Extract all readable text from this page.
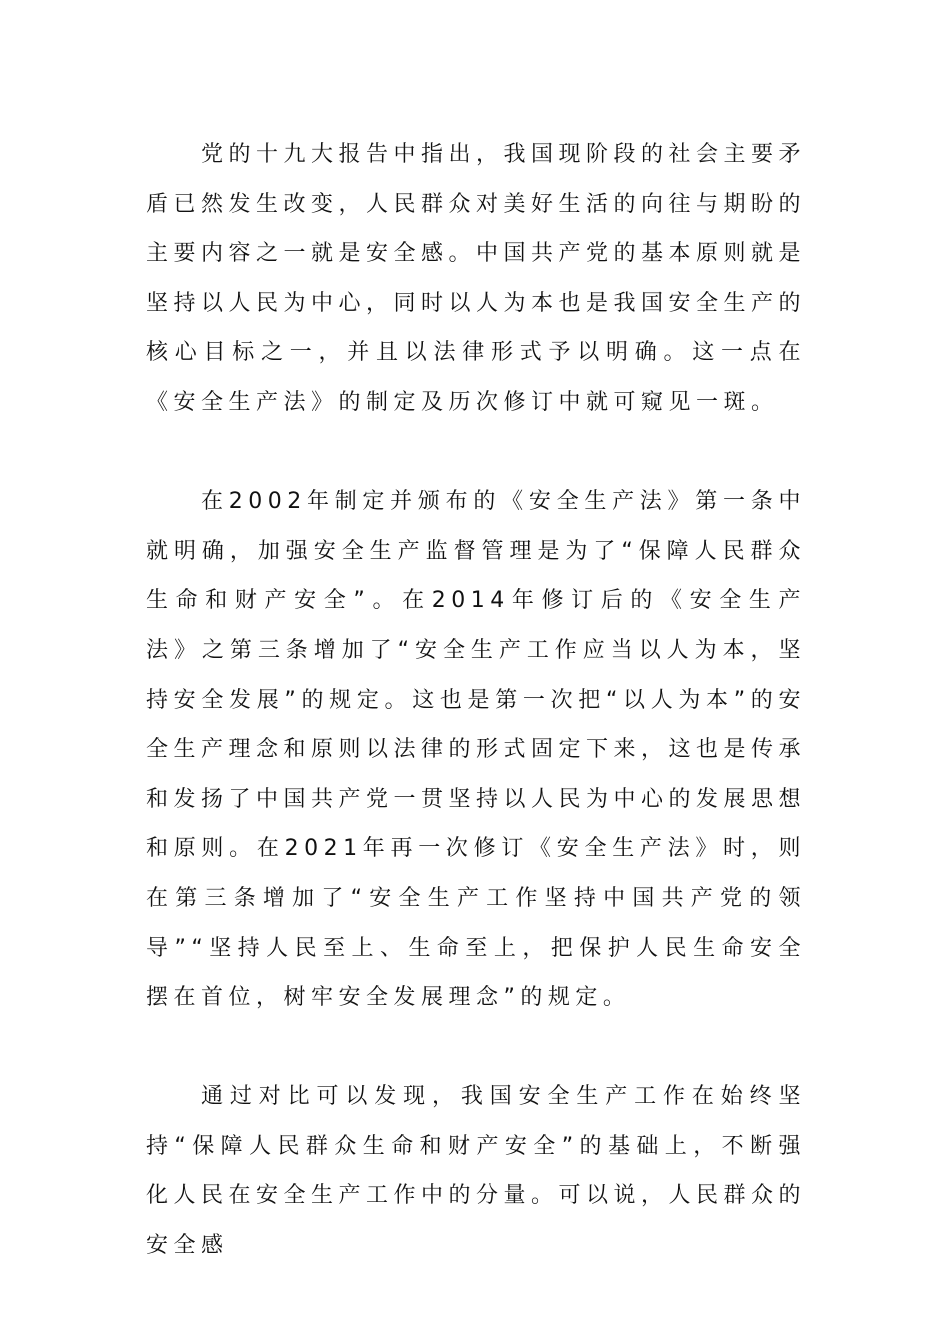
党的十九大报告中指出，我国现阶段的社会主要矛盾已然发生改变，人民群众对美好生活的向往与期盼的主要内容之一就是安全感。中国共产党的基本原则就是坚持以人民为中心，同时以人为本也是我国安全生产的核心目标之一，并且以法律形式予以明确。这一点在《安全生产法》的制定及历次修订中就可窥见一斑。

在2002年制定并颁布的《安全生产法》第一条中就明确，加强安全生产监督管理是为了“保障人民群众生命和财产安全”。在2014年修订后的《安全生产法》之第三条增加了“安全生产工作应当以人为本，坚持安全发展”的规定。这也是第一次把“以人为本”的安全生产理念和原则以法律的形式固定下来，这也是传承和发扬了中国共产党一贯坚持以人民为中心的发展思想和原则。在2021年再一次修订《安全生产法》时，则在第三条增加了“安全生产工作坚持中国共产党的领导”“坚持人民至上、生命至上，把保护人民生命安全摆在首位，树牢安全发展理念”的规定。

通过对比可以发现，我国安全生产工作在始终坚持“保障人民群众生命和财产安全”的基础上，不断强化人民在安全生产工作中的分量。可以说，人民群众的安全感
